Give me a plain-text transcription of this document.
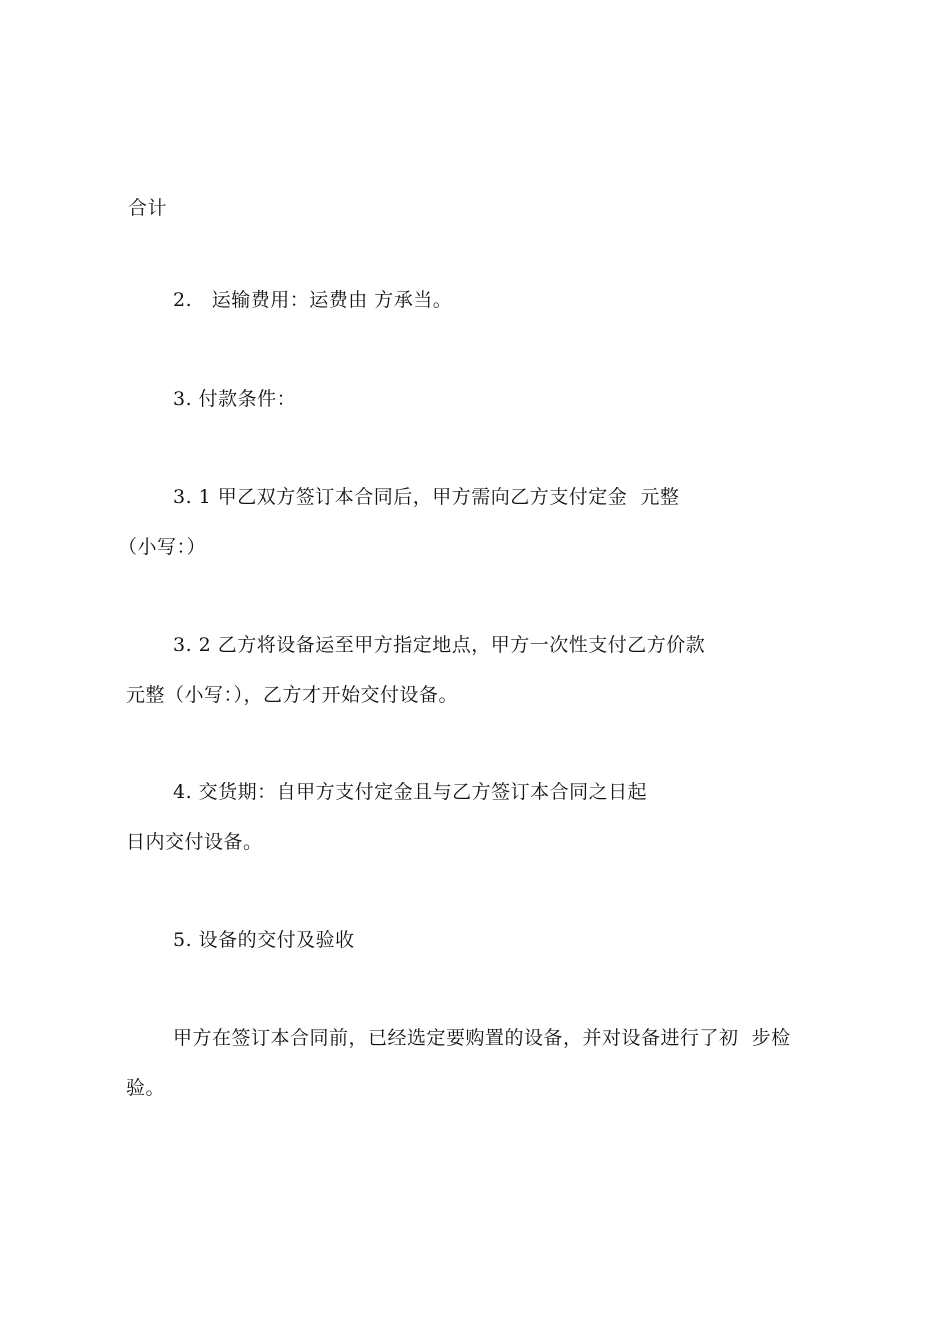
合计
2.   运输费用：运费由 方承当。
3. 付款条件：
3. 1 甲乙双方签订本合同后，甲方需向乙方支付定金  元整
（小写：）
3. 2 乙方将设备运至甲方指定地点，甲方一次性支付乙方价款
元整（小写：），乙方才开始交付设备。
4. 交货期：自甲方支付定金且与乙方签订本合同之日起
日内交付设备。
5. 设备的交付及验收
甲方在签订本合同前，已经选定要购置的设备，并对设备进行了初  步检
验。
